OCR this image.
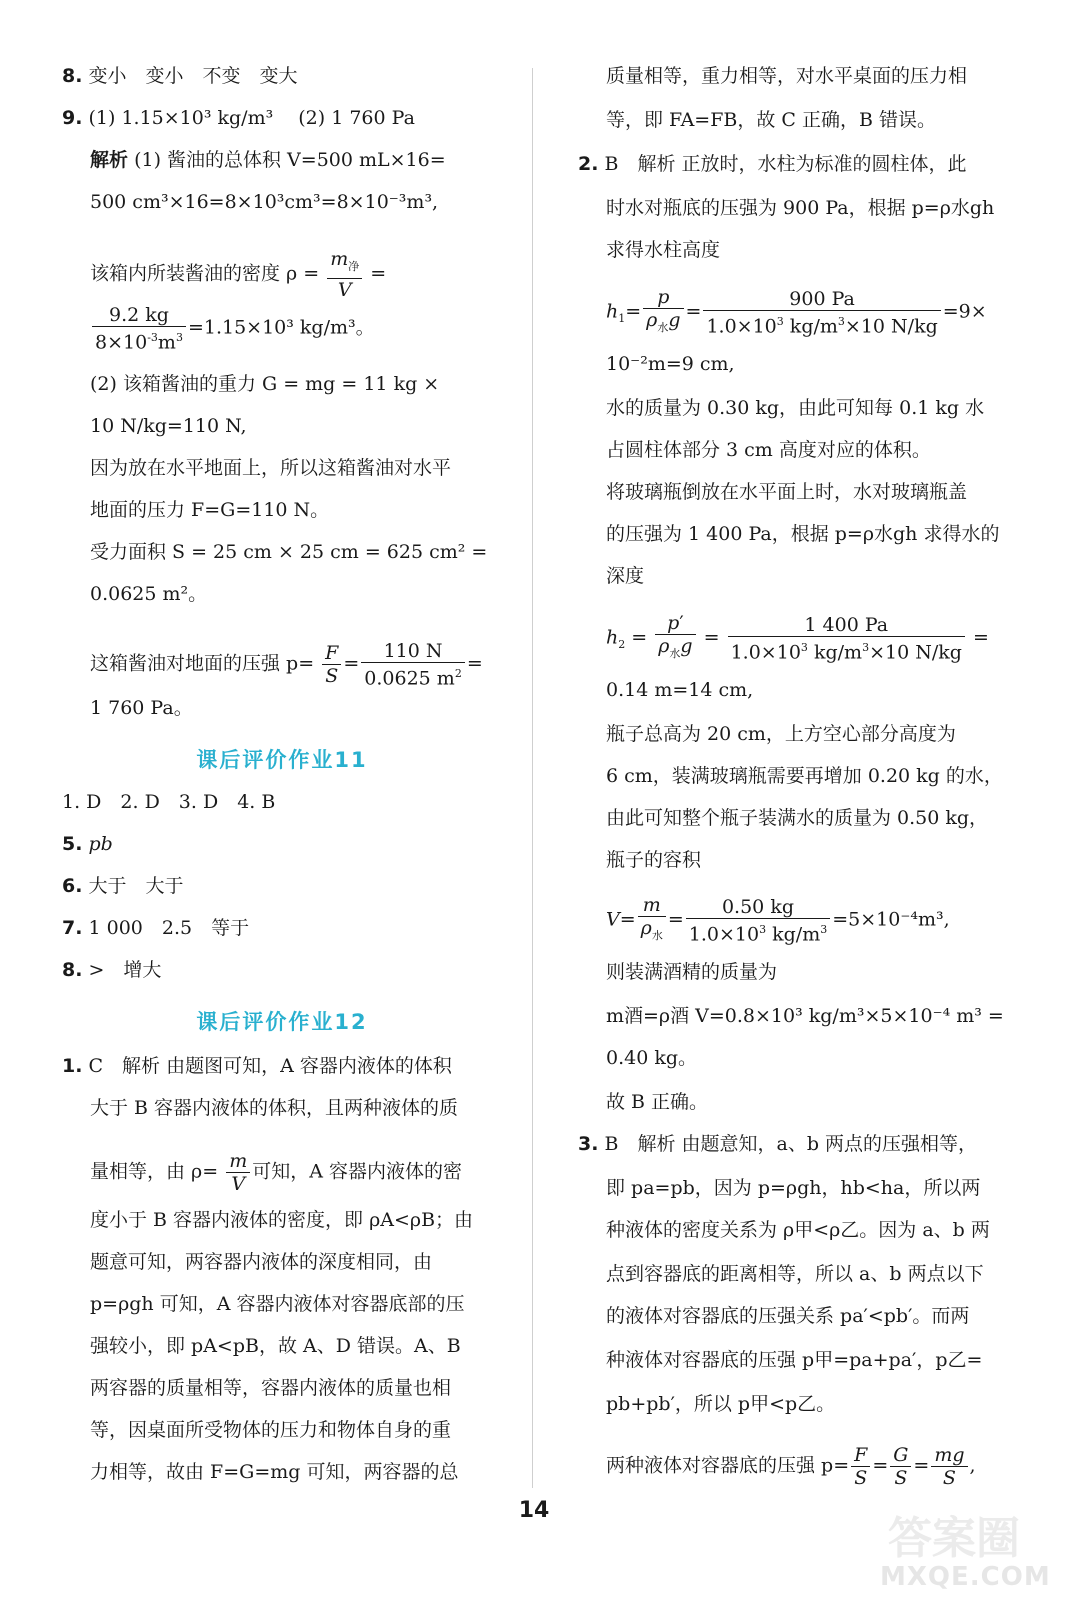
8. 变小　变小　不变　变大
9. (1) 1.15×10³ kg/m³　 (2) 1 760 Pa
解析 (1) 酱油的总体积 V=500 mL×16=
500 cm³×16=8×10³cm³=8×10⁻³m³,
该箱内所装酱油的密度 $\rho = \frac{m_净}{V}$ =
$\frac{9.2 kg}{8\times 10^{-3}m^3} =1.15\times 10^3$ kg/m³。
(2) 该箱酱油的重力 G = mg = 11 kg ×
10 N/kg=110 N,
因为放在水平地面上，所以这箱酱油对水平
地面的压力 F=G=110 N。
受力面积 S = 25 cm × 25 cm = 625 cm² =
0.0625 m²。
这箱酱油对地面的压强 $p= \frac{F}{S} = \frac{110 N}{0.0625 m^2}$ =
1 760 Pa。
课后评价作业11
1. D　2. D　3. D　4. B
5. pb
6. 大于　大于
7. 1 000　2.5　等于
8. >　增大
课后评价作业12
1. C　解析 由题图可知，A 容器内液体的体积
大于 B 容器内液体的体积，且两种液体的质
量相等，由 $\rho= \frac{m}{V}$ 可知，A 容器内液体的密
度小于 B 容器内液体的密度，即 ρA<ρB；由
题意可知，两容器内液体的深度相同，由
p=ρgh 可知，A 容器内液体对容器底部的压
强较小，即 pA<pB，故 A、D 错误。A、B
两容器的质量相等，容器内液体的质量也相
等，因桌面所受物体的压力和物体自身的重
力相等，故由 F=G=mg 可知，两容器的总
质量相等，重力相等，对水平桌面的压力相
等，即 FA=FB，故 C 正确，B 错误。
2. B　解析 正放时，水柱为标准的圆柱体，此
时水对瓶底的压强为 900 Pa，根据 p=ρ水gh
求得水柱高度
$h_1= \frac{p}{\rho_水g} = \frac{900 Pa}{1.0\times 10^3 kg/m^3\times 10 N/kg} =9\times$
10⁻²m=9 cm,
水的质量为 0.30 kg，由此可知每 0.1 kg 水
占圆柱体部分 3 cm 高度对应的体积。
将玻璃瓶倒放在水平面上时，水对玻璃瓶盖
的压强为 1 400 Pa，根据 p=ρ水gh 求得水的
深度
$h_2 = \frac{p'}{\rho_水g} = \frac{1 400 Pa}{1.0\times 10^3 kg/m^3\times 10 N/kg}$ =
0.14 m=14 cm,
瓶子总高为 20 cm，上方空心部分高度为
6 cm，装满玻璃瓶需要再增加 0.20 kg 的水，
由此可知整个瓶子装满水的质量为 0.50 kg，
瓶子的容积
$V= \frac{m}{\rho_水} = \frac{0.50 kg}{1.0\times 10^3 kg/m^3} =5\times 10^{-4}m^3$,
则装满酒精的质量为
m酒=ρ酒 V=0.8×10³ kg/m³×5×10⁻⁴ m³ =
0.40 kg。
故 B 正确。
3. B　解析 由题意知，a、b 两点的压强相等，
即 pa=pb，因为 p=ρgh，hb<ha，所以两
种液体的密度关系为 ρ甲<ρ乙。因为 a、b 两
点到容器底的距离相等，所以 a、b 两点以下
的液体对容器底的压强关系 pa′<pb′。而两
种液体对容器底的压强 p甲=pa+pa′，p乙=
pb+pb′，所以 p甲<p乙。
两种液体对容器底的压强 $p= \frac{F}{S} = \frac{G}{S} = \frac{mg}{S}$ ,
14
答案圈
MXQE.COM
